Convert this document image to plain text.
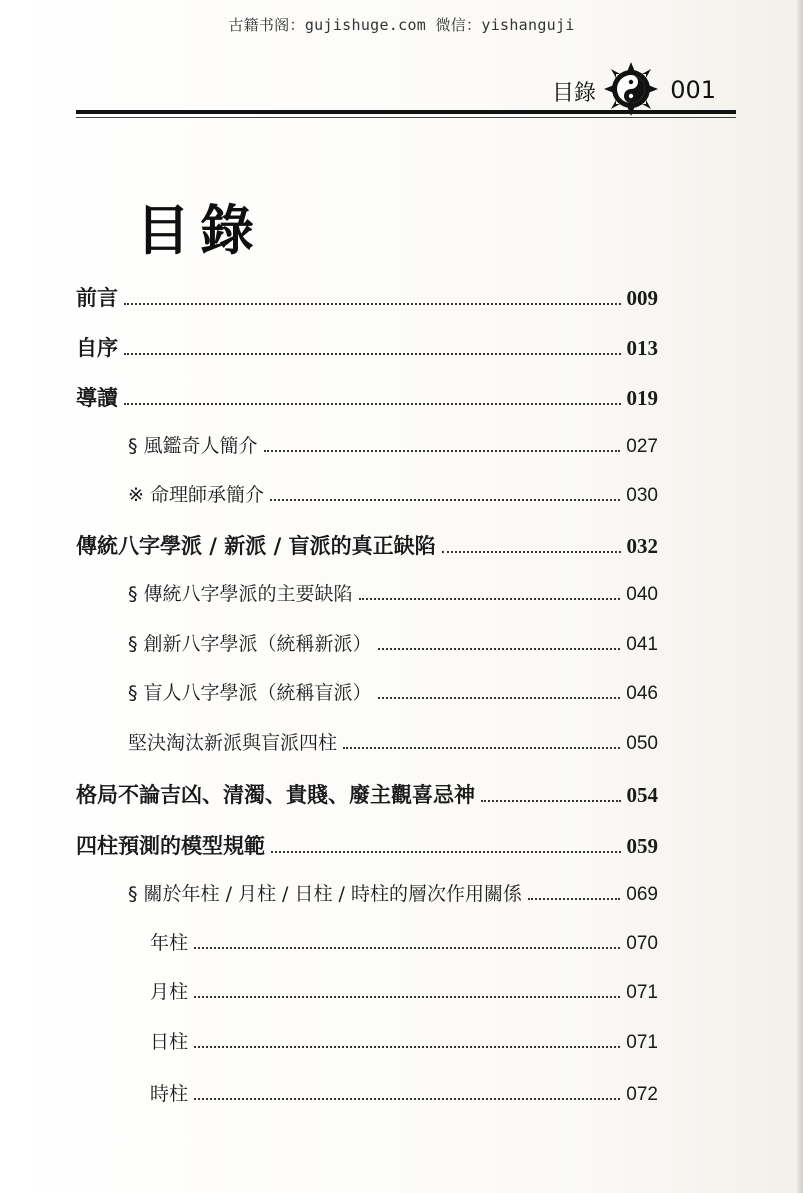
古籍书阁：gujishuge.com 微信：yishanguji
目錄	001
目錄
前言	009
自序	013
導讀	019
§ 風鑑奇人簡介	027
※ 命理師承簡介	030
傳統八字學派 / 新派 / 盲派的真正缺陷	032
§ 傳統八字學派的主要缺陷	040
§ 創新八字學派（統稱新派）	041
§ 盲人八字學派（統稱盲派）	046
堅決淘汰新派與盲派四柱	050
格局不論吉凶、清濁、貴賤、廢主觀喜忌神	054
四柱預測的模型規範	059
§ 關於年柱 / 月柱 / 日柱 / 時柱的層次作用關係	069
年柱	070
月柱	071
日柱	071
時柱	072
